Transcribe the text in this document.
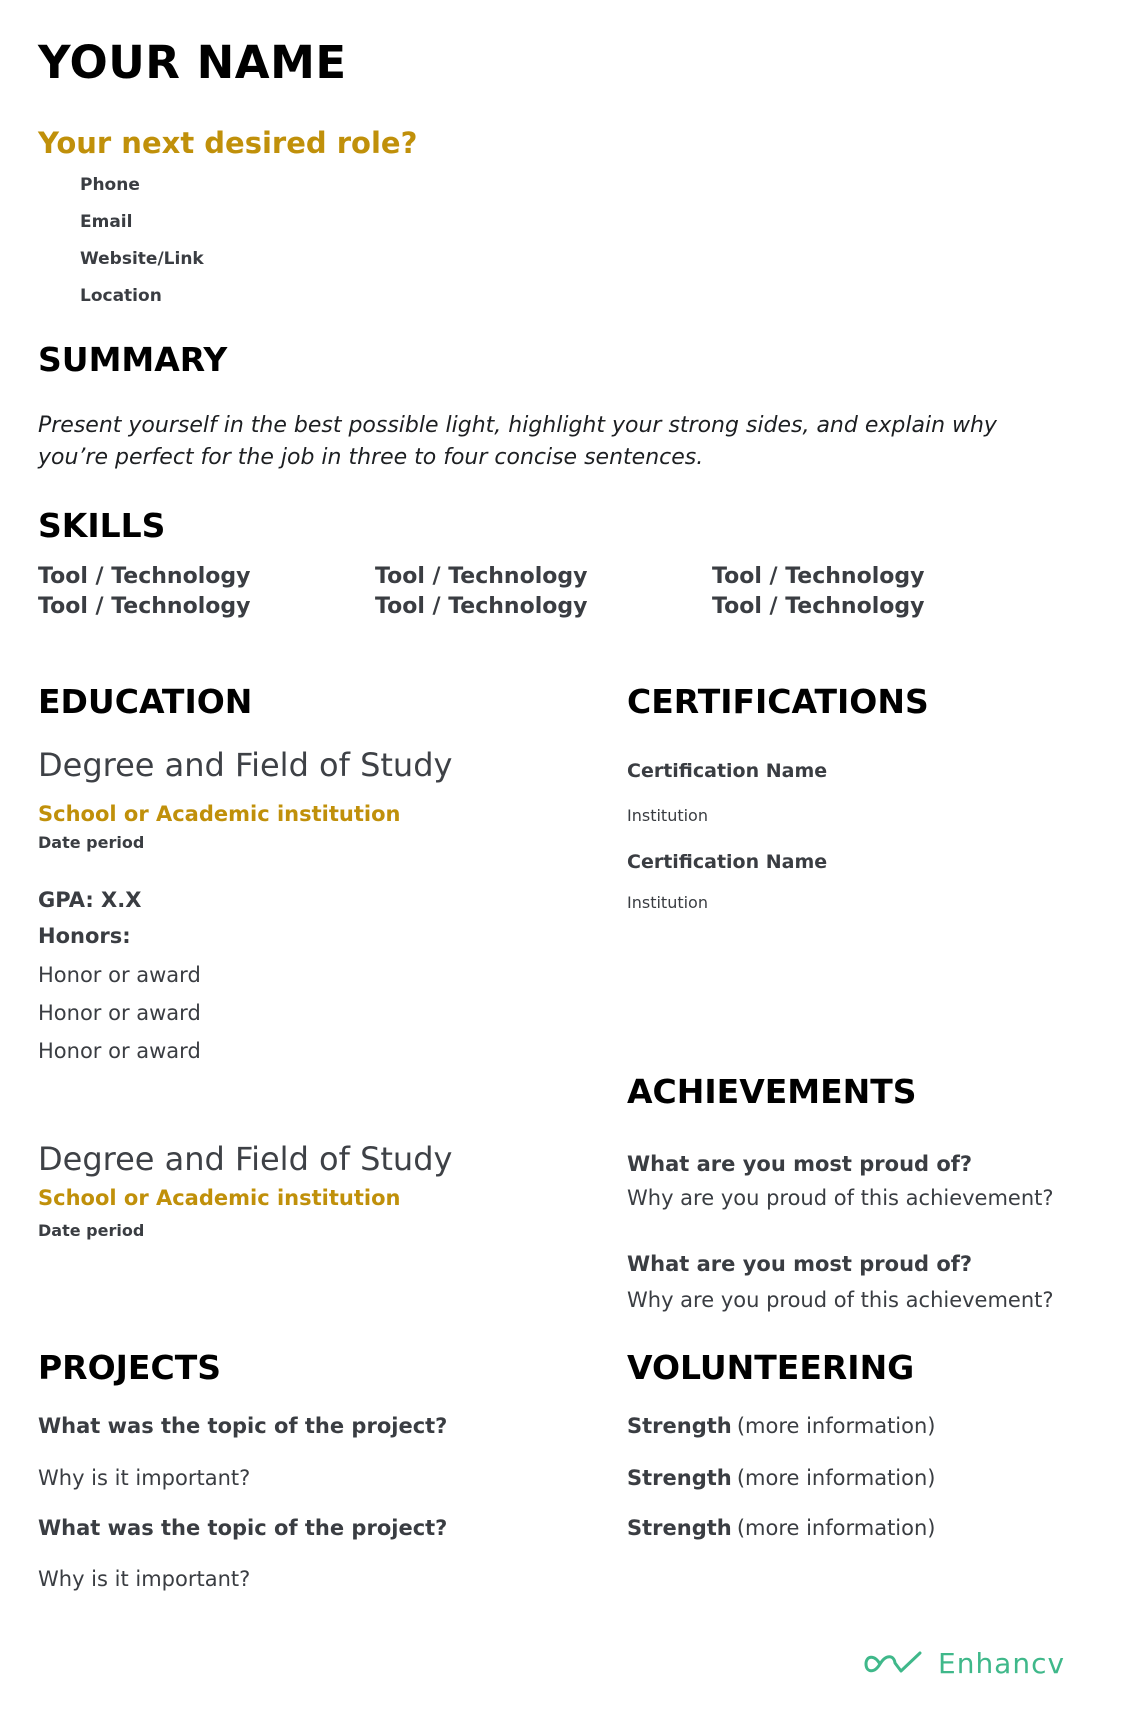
YOUR NAME
Your next desired role?
Phone
Email
Website/Link
Location
SUMMARY
Present yourself in the best possible light, highlight your strong sides, and explain why you’re perfect for the job in three to four concise sentences.
SKILLS
Tool / Technology	Tool / Technology	Tool / Technology
Tool / Technology	Tool / Technology	Tool / Technology
EDUCATION
Degree and Field of Study
School or Academic institution
Date period
GPA: X.X
Honors:
Honor or award
Honor or award
Honor or award
Degree and Field of Study
School or Academic institution
Date period
CERTIFICATIONS
Certification Name
Institution
Certification Name
Institution
ACHIEVEMENTS
What are you most proud of?
Why are you proud of this achievement?
What are you most proud of?
Why are you proud of this achievement?
PROJECTS
What was the topic of the project?
Why is it important?
What was the topic of the project?
Why is it important?
VOLUNTEERING
Strength (more information)
Strength (more information)
Strength (more information)
Enhancv
